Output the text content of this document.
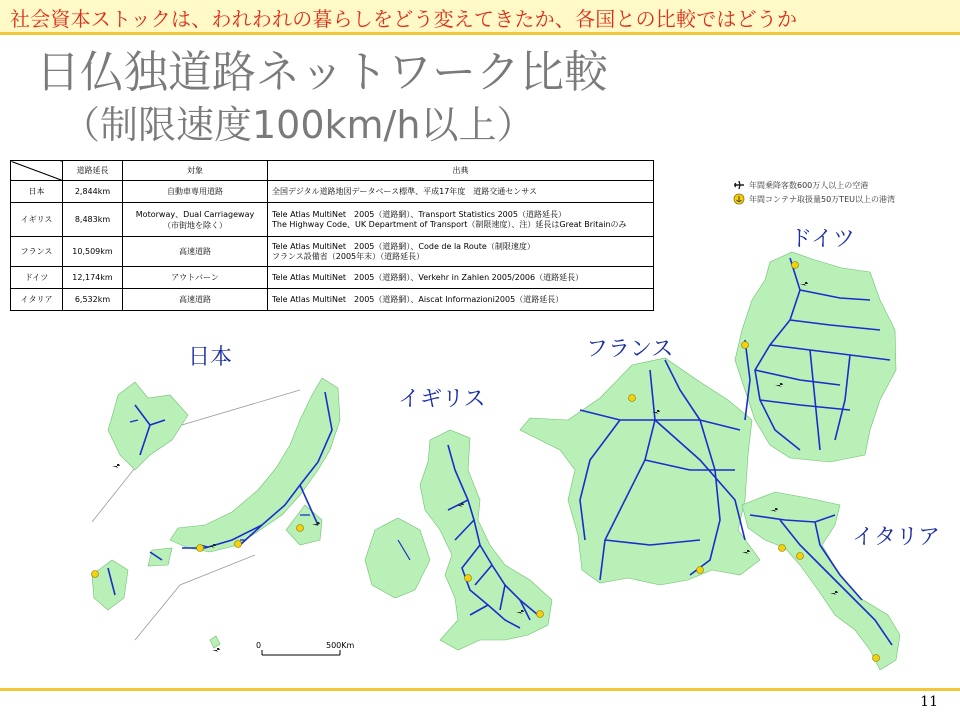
社会資本ストックは、われわれの暮らしをどう変えてきたか、各国との比較ではどうか
日仏独道路ネットワーク比較
（制限速度100km/h以上）
	道路延長	対象	出典
日本	2,844km	自動車専用道路	全国デジタル道路地図データベース標準、平成17年度　道路交通センサス

イギリス	8,483km	Motorway、Dual Carriageway
（市街地を除く）	Tele Atlas MultiNet　2005（道路網）、Transport Statistics 2005（道路延長）
The Highway Code、UK Department of Transport（制限速度）、注）延長はGreat Britainのみ

フランス	10,509km	高速道路	Tele Atlas MultiNet　2005（道路網）、Code de la Route（制限速度）
フランス設備省（2005年末）（道路延長）

ドイツ	12,174km	アウトバーン	Tele Atlas MultiNet　2005（道路網）、Verkehr in Zahlen 2005/2006（道路延長）

イタリア	6,532km	高速道路	Tele Atlas MultiNet　2005（道路網）、Aiscat Informazioni2005（道路延長）
年間乗降客数600万人以上の空港
年間コンテナ取扱量50万TEU以上の港湾
0	500Km
日本
イギリス
フランス
ドイツ
イタリア
11
